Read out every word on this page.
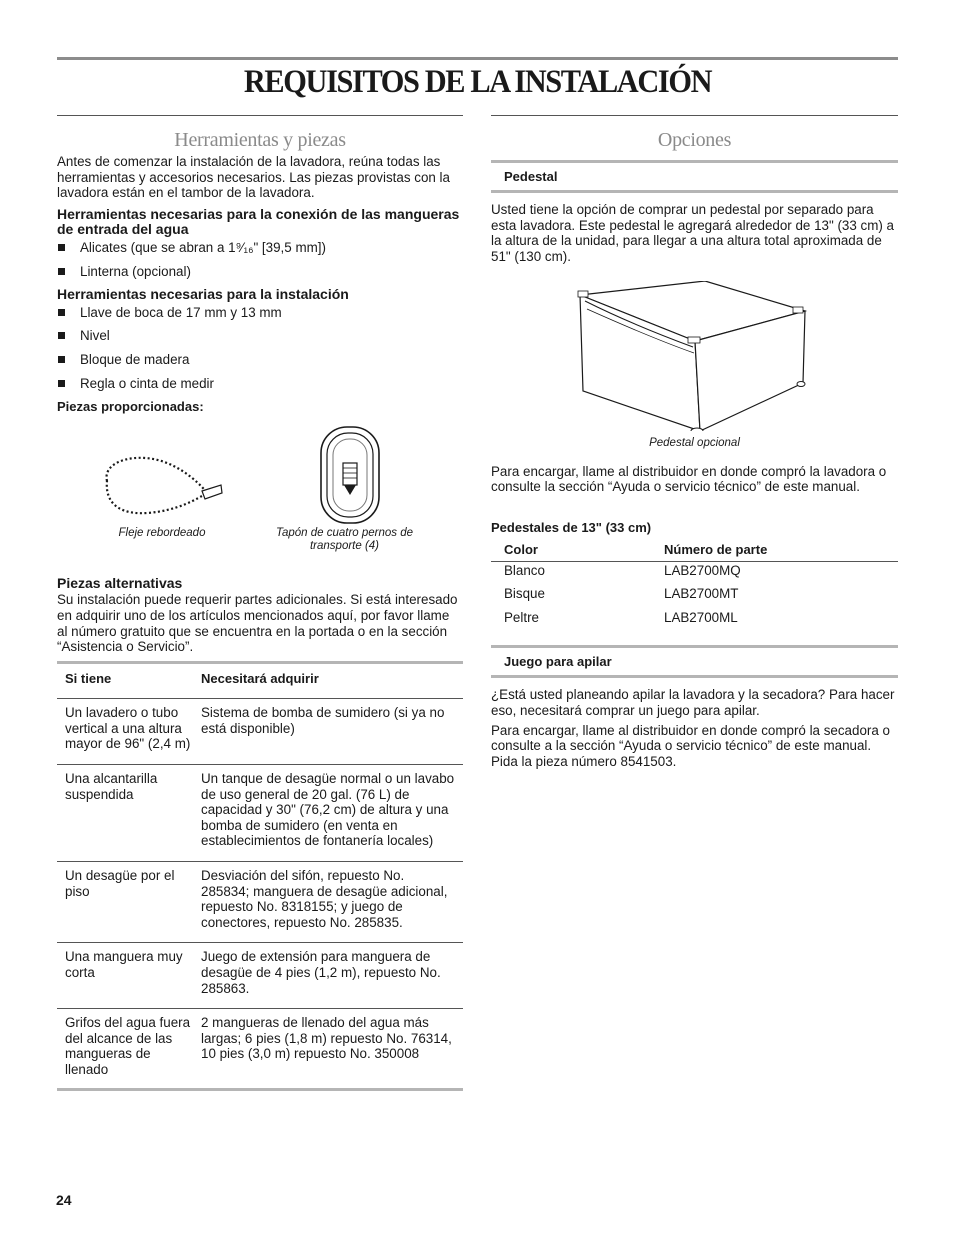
REQUISITOS DE LA INSTALACIÓN
Herramientas y piezas

Antes de comenzar la instalación de la lavadora, reúna todas las herramientas y accesorios necesarios. Las piezas provistas con la lavadora están en el tambor de la lavadora.

Herramientas necesarias para la conexión de las mangueras de entrada del agua

Alicates (que se abran a 1⁹⁄₁₆" [39,5 mm])
Linterna (opcional)

Herramientas necesarias para la instalación

Llave de boca de 17 mm y 13 mm
Nivel
Bloque de madera
Regla o cinta de medir

Piezas proporcionadas:

Fleje rebordeado	Tapón de cuatro pernos de transporte (4)

Piezas alternativas

Su instalación puede requerir partes adicionales. Si está interesado en adquirir uno de los artículos mencionados aquí, por favor llame al número gratuito que se encuentra en la portada o en la sección “Asistencia o Servicio”.

Si tiene	Necesitará adquirir
Un lavadero o tubo vertical a una altura mayor de 96" (2,4 m)	Sistema de bomba de sumidero (si ya no está disponible)
Una alcantarilla suspendida	Un tanque de desagüe normal o un lavabo de uso general de 20 gal. (76 L) de capacidad y 30" (76,2 cm) de altura y una bomba de sumidero (en venta en establecimientos de fontanería locales)
Un desagüe por el piso	Desviación del sifón, repuesto No. 285834; manguera de desagüe adicional, repuesto No. 8318155; y juego de conectores, repuesto No. 285835.
Una manguera muy corta	Juego de extensión para manguera de desagüe de 4 pies (1,2 m), repuesto No. 285863.
Grifos del agua fuera del alcance de las mangueras de llenado	2 mangueras de llenado del agua más largas; 6 pies (1,8 m) repuesto No. 76314, 10 pies (3,0 m) repuesto No. 350008
Opciones
Pedestal

Usted tiene la opción de comprar un pedestal por separado para esta lavadora. Este pedestal le agregará alrededor de 13" (33 cm) a la altura de la unidad, para llegar a una altura total aproximada de 51" (130 cm).

Pedestal opcional

Para encargar, llame al distribuidor en donde compró la lavadora o consulte la sección “Ayuda o servicio técnico” de este manual.

Pedestales de 13" (33 cm)

Color	Número de parte
Blanco	LAB2700MQ
Bisque	LAB2700MT
Peltre	LAB2700ML
Juego para apilar

¿Está usted planeando apilar la lavadora y la secadora? Para hacer eso, necesitará comprar un juego para apilar.

Para encargar, llame al distribuidor en donde compró la secadora o consulte a la sección “Ayuda o servicio técnico” de este manual. Pida la pieza número 8541503.

24
